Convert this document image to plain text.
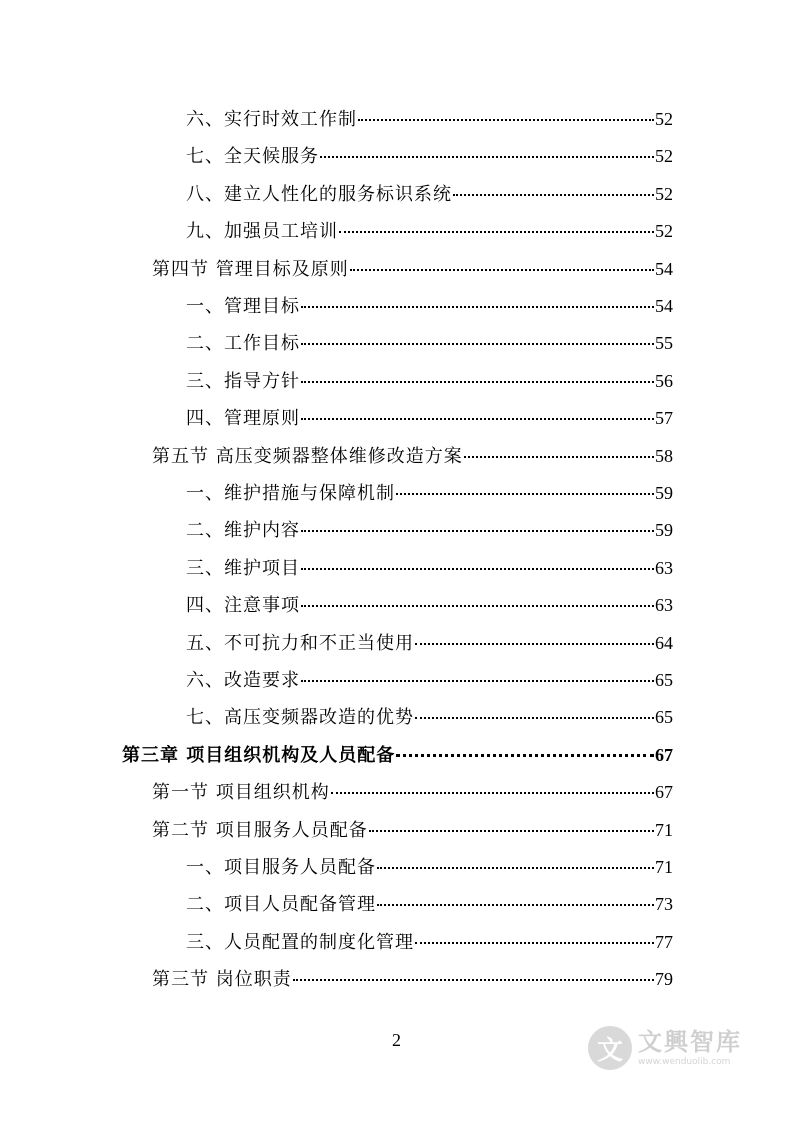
六、实行时效工作制	52
七、全天候服务	52
八、建立人性化的服务标识系统	52
九、加强员工培训	52
第四节 管理目标及原则	54
一、管理目标	54
二、工作目标	55
三、指导方针	56
四、管理原则	57
第五节 高压变频器整体维修改造方案	58
一、维护措施与保障机制	59
二、维护内容	59
三、维护项目	63
四、注意事项	63
五、不可抗力和不正当使用	64
六、改造要求	65
七、高压变频器改造的优势	65
第三章 项目组织机构及人员配备	67
第一节 项目组织机构	67
第二节 项目服务人员配备	71
一、项目服务人员配备	71
二、项目人员配备管理	73
三、人员配置的制度化管理	77
第三节 岗位职责	79
2	文 文興智库
www.wenduolib.com
